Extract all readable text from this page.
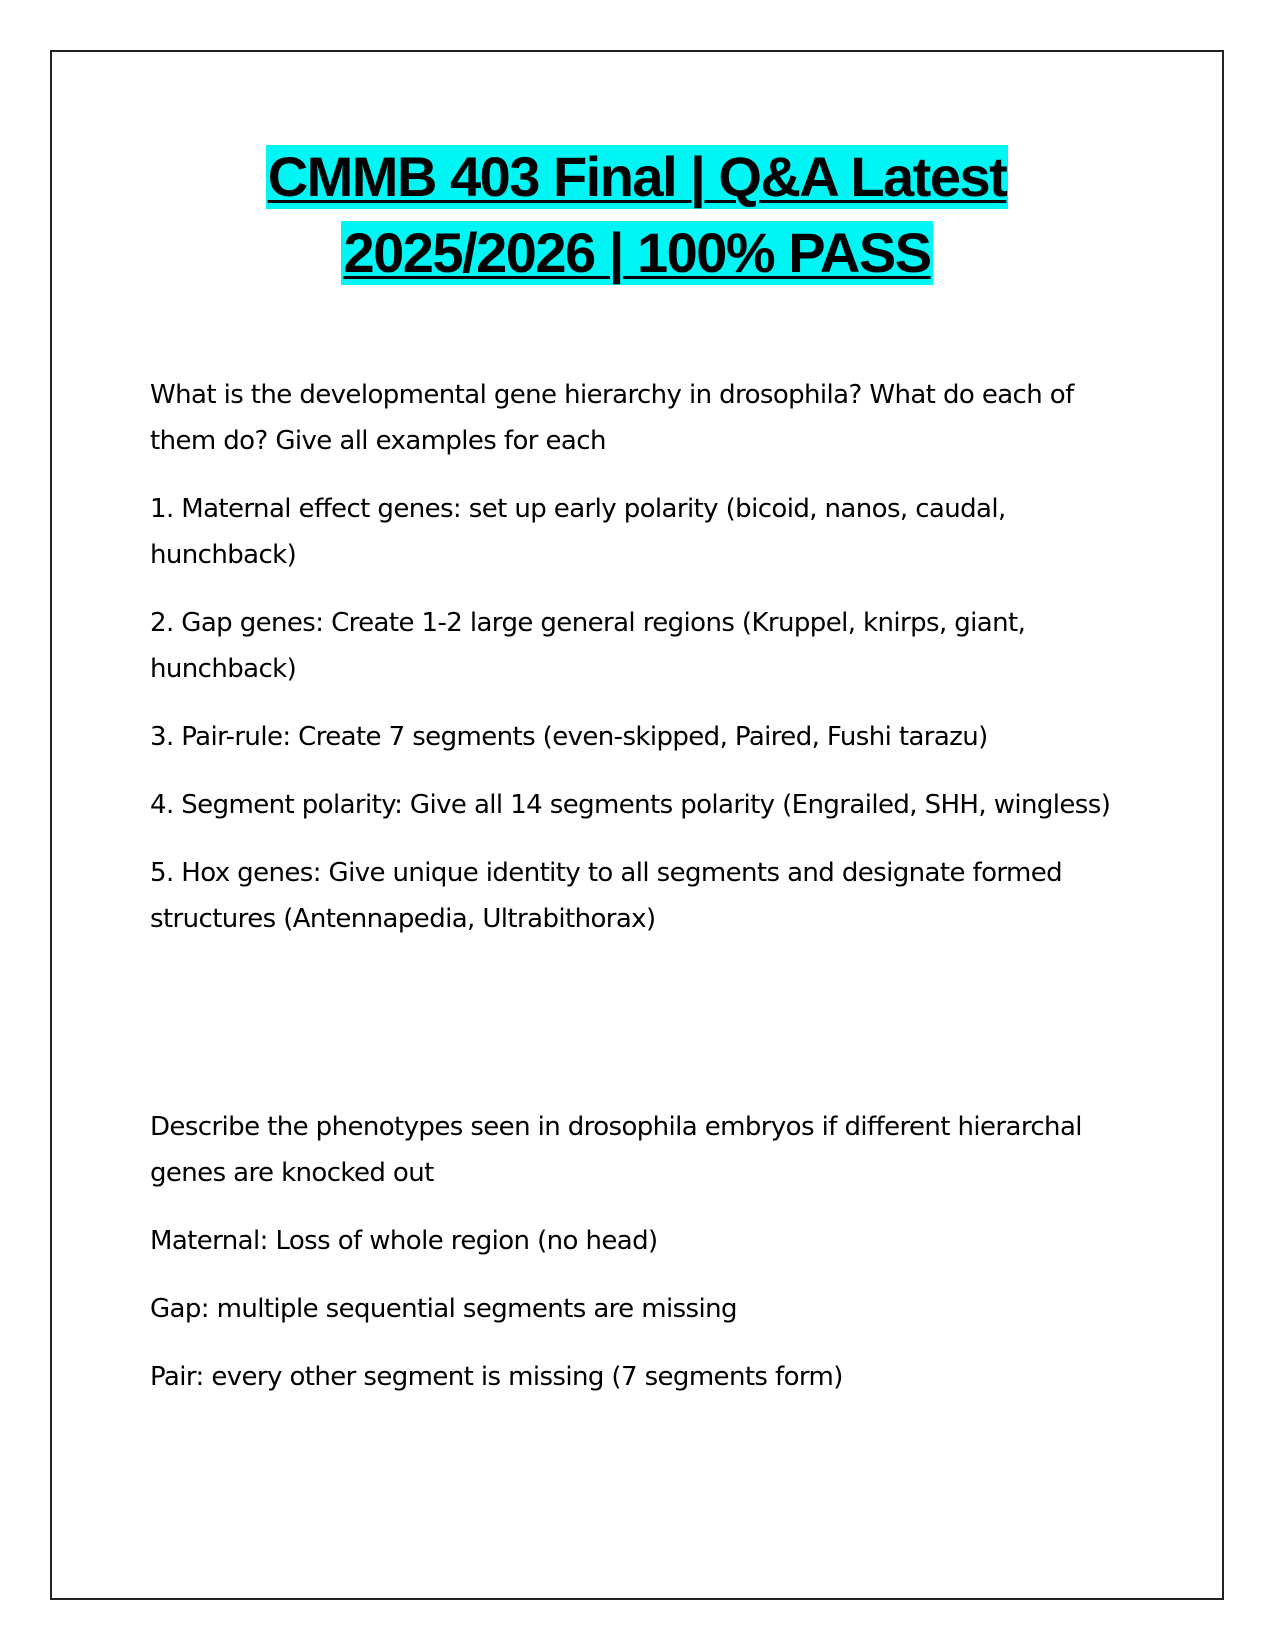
CMMB 403 Final | Q&A Latest
2025/2026 | 100% PASS

What is the developmental gene hierarchy in drosophila? What do each of them do? Give all examples for each

1. Maternal effect genes: set up early polarity (bicoid, nanos, caudal, hunchback)

2. Gap genes: Create 1-2 large general regions (Kruppel, knirps, giant, hunchback)

3. Pair-rule: Create 7 segments (even-skipped, Paired, Fushi tarazu)

4. Segment polarity: Give all 14 segments polarity (Engrailed, SHH, wingless)

5. Hox genes: Give unique identity to all segments and designate formed structures (Antennapedia, Ultrabithorax)

Describe the phenotypes seen in drosophila embryos if different hierarchal genes are knocked out

Maternal: Loss of whole region (no head)

Gap: multiple sequential segments are missing

Pair: every other segment is missing (7 segments form)
